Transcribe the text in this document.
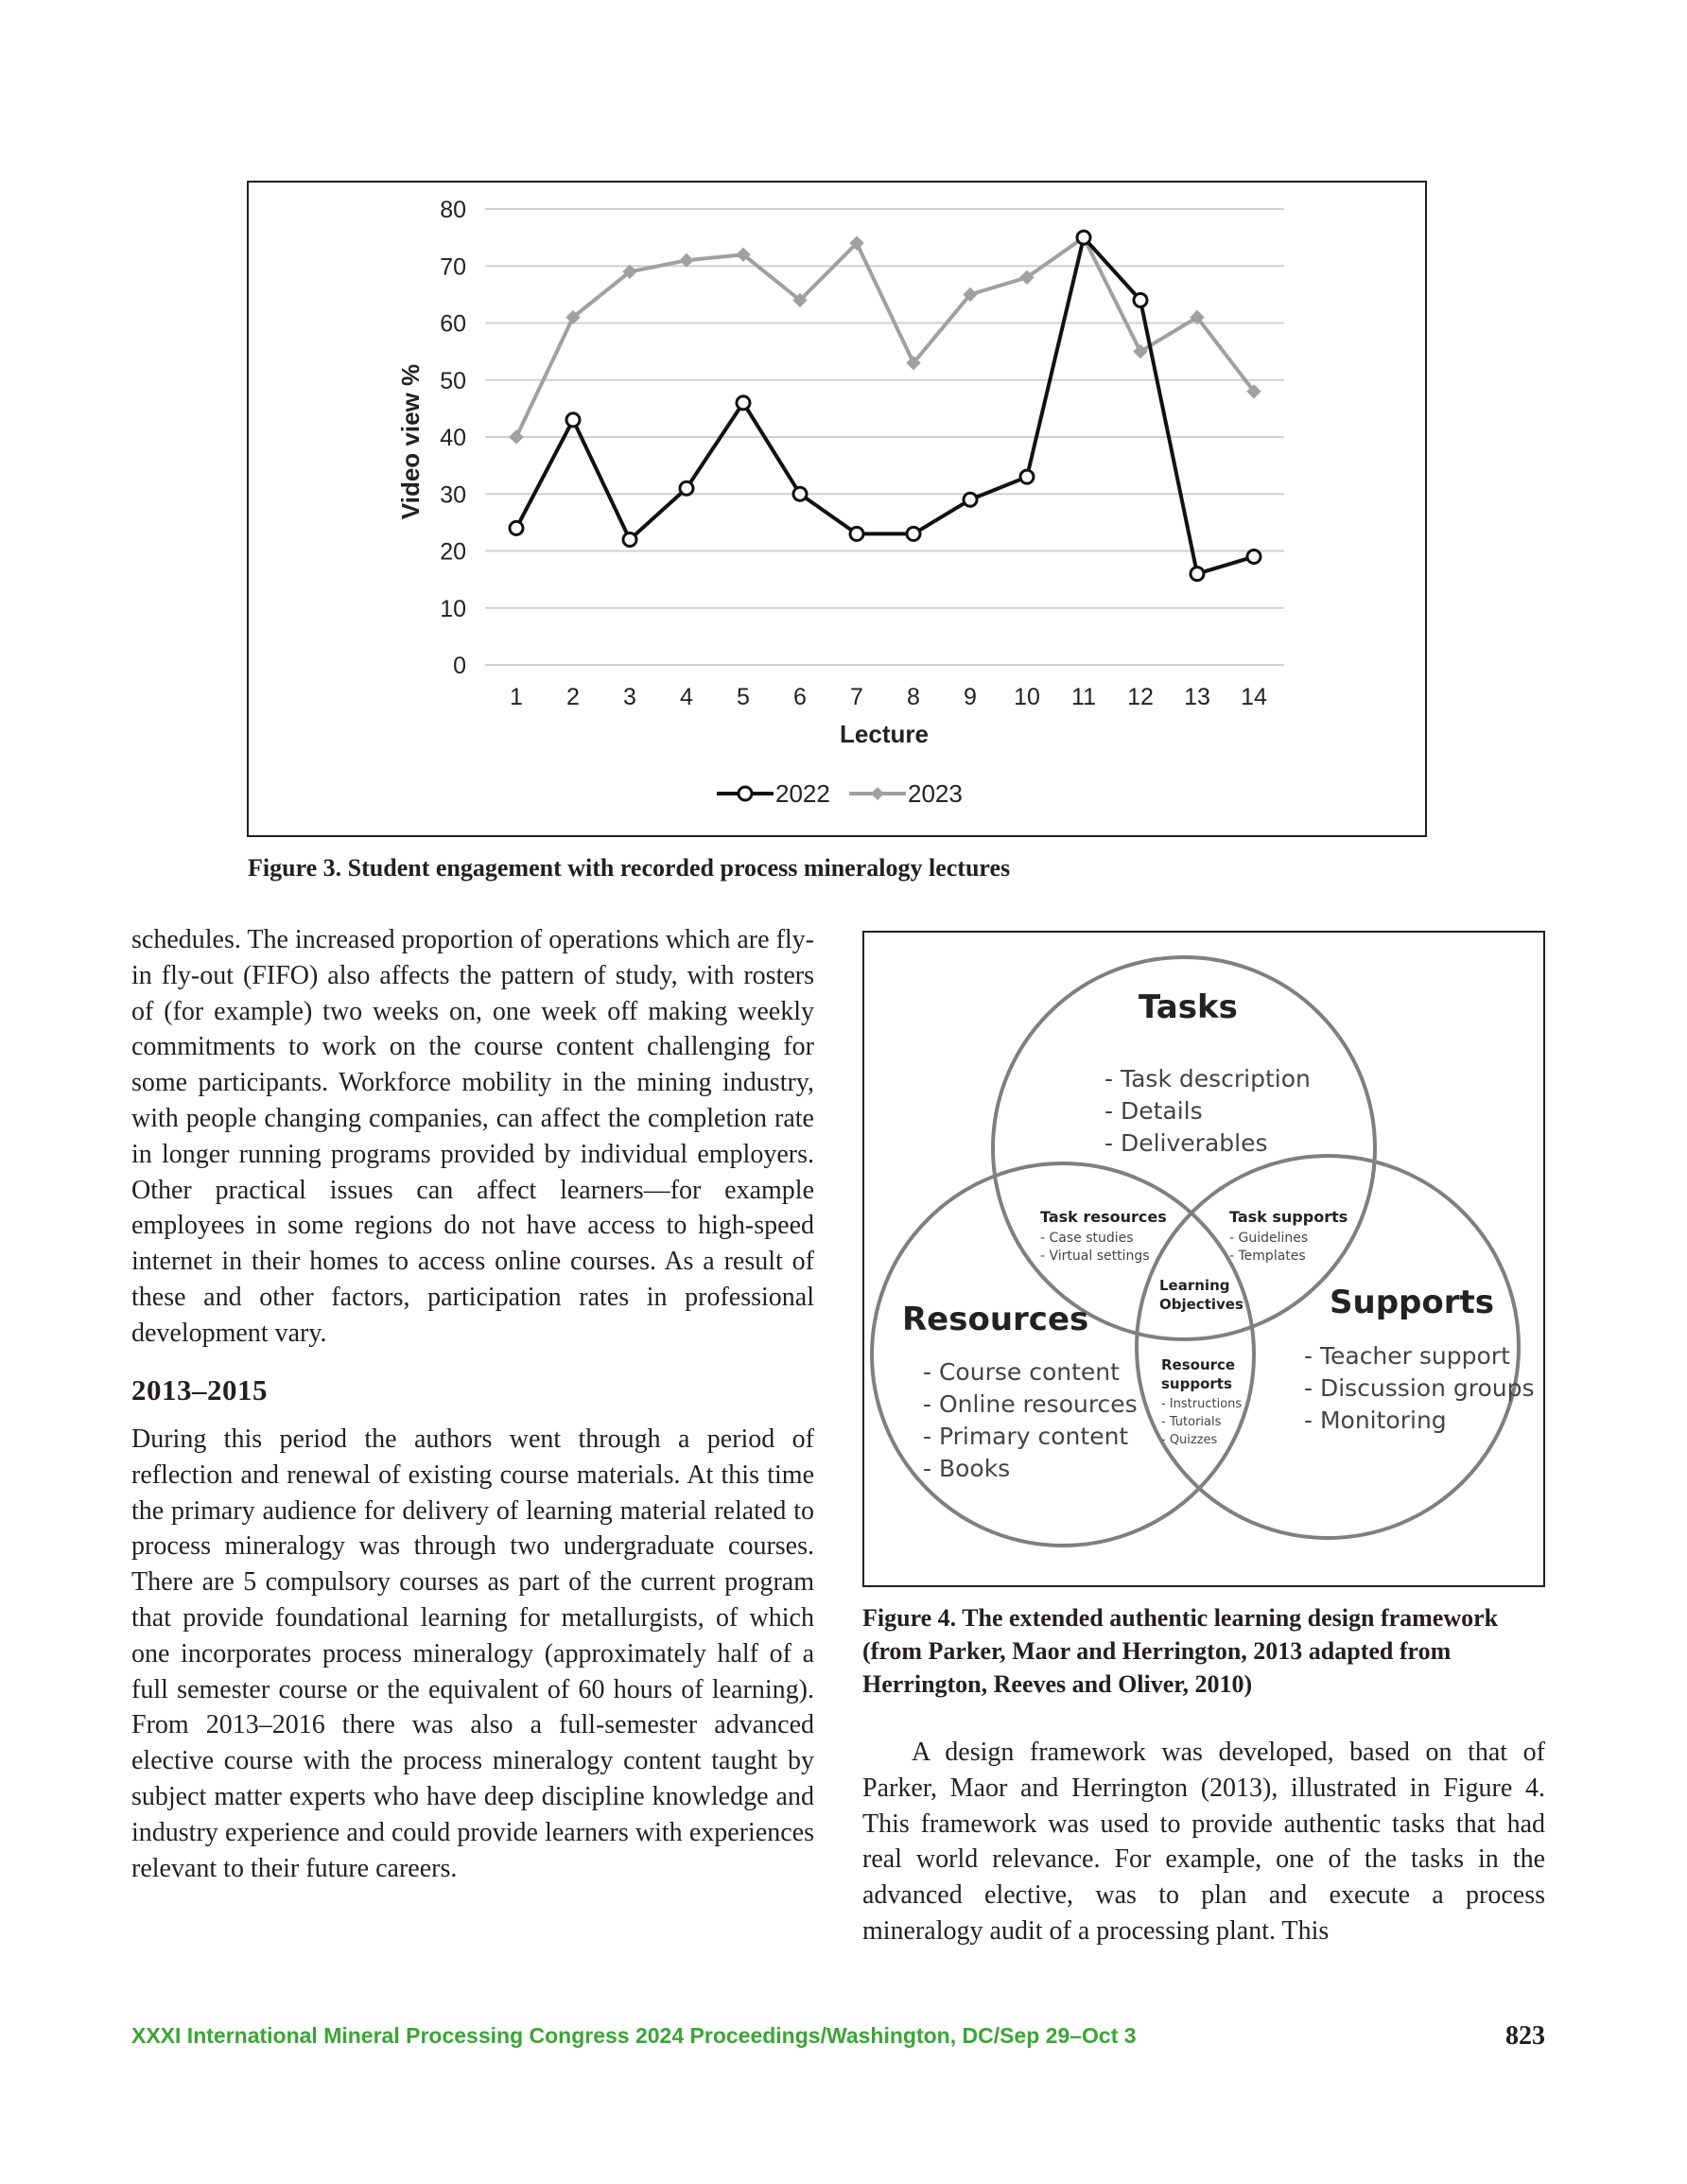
0
10
20
30
40
50
60
70
80
1 2 3 4 5 6 7 8 9 10 11 12 13 14
Lecture
Video view %
2022	2023
Figure 3. Student engagement with recorded process mineralogy lectures

schedules. The increased proportion of operations which are fly-in fly-out (FIFO) also affects the pattern of study, with rosters of (for example) two weeks on, one week off making weekly commitments to work on the course content challenging for some participants. Workforce mobility in the mining industry, with people changing companies, can affect the completion rate in longer running programs provided by individual employers. Other practical issues can affect learners—for example employees in some regions do not have access to high-speed internet in their homes to access online courses. As a result of these and other factors, participation rates in professional development vary.

2013–2015

During this period the authors went through a period of reflection and renewal of existing course materials. At this time the primary audience for delivery of learning material related to process mineralogy was through two undergraduate courses. There are 5 compulsory courses as part of the current program that provide foundational learning for metallurgists, of which one incorporates process mineralogy (approximately half of a full semester course or the equivalent of 60 hours of learning). From 2013–2016 there was also a full-semester advanced elective course with the process mineralogy content taught by subject matter experts who have deep discipline knowledge and industry experience and could provide learners with experiences relevant to their future careers.

Tasks
- Task description
- Details
- Deliverables
Resources
- Course content
- Online resources
- Primary content
- Books
Supports
- Teacher support
- Discussion groups
- Monitoring
Task resources
- Case studies
- Virtual settings
Task supports
- Guidelines
- Templates
Learning
Objectives
Resource
supports
- Instructions
- Tutorials
- Quizzes
Figure 4. The extended authentic learning design framework (from Parker, Maor and Herrington, 2013 adapted from Herrington, Reeves and Oliver, 2010)

A design framework was developed, based on that of Parker, Maor and Herrington (2013), illustrated in Figure 4. This framework was used to provide authentic tasks that had real world relevance. For example, one of the tasks in the advanced elective, was to plan and execute a process mineralogy audit of a processing plant. This

XXXI International Mineral Processing Congress 2024 Proceedings/Washington, DC/Sep 29–Oct 3	823
